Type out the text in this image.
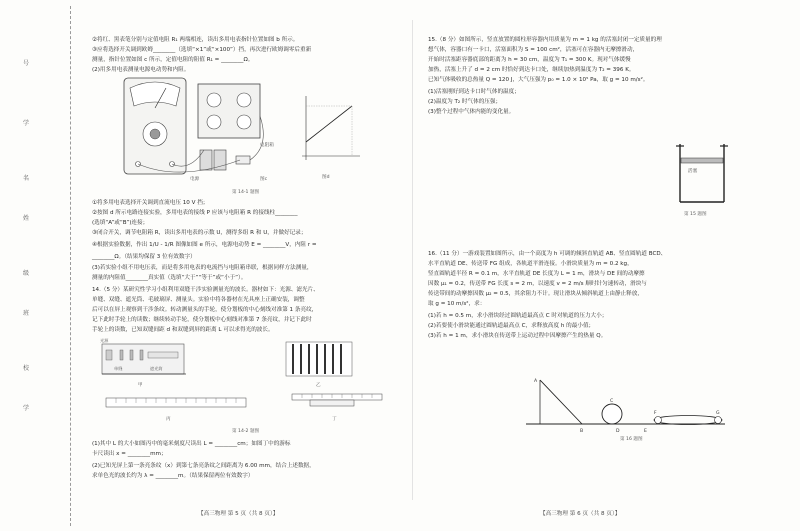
号
学
名
姓
级
班
校
学
②将红、黑表笔分别与定值电阻 R₁ 两端相连，读出多用电表指针位置如图 b 所示。
③应将选择开关调到欧姆________（选填“×1”或“×100”）挡，再次进行欧姆调零后重新
测量，指针位置如图 c 所示，定值电阻的阻值 R₁ = ________Ω。
(2)用多用电表测量电源电动势和内阻。
电源
电阻箱
图c	图d
第 14-1 题图
①将多用电表选择开关调到直流电压 10 V 挡；
②按图 d 所示电路连接实验，多用电表的接线 P 应该与电阻箱 R 的接线柱________
(选填“A”或“B”)连接；
③闭合开关，调节电阻箱 R，读出多用电表的示数 U，测得多组 R 和 U，并做好记录；
④根据实验数据，作出 1/U - 1/R 图像如图 e 所示，电源电动势 E = ________V，内阻 r =
________Ω。（结果均保留 3 位有效数字）
(3)若实验小组不用电压表，而是将多用电表的电流挡与电阻箱串联，根据同样方法测量，
测量的内阻值________真实值（选填“大于”“等于”或“小于”）。
14.（5 分）某研究性学习小组利用双缝干涉实验测量光的波长。器材如下：光源、滤光片、
单缝、双缝、遮光筒、毛玻璃屏、测量头。实验中将各器材在光具座上正确安装，调整
后可以在屏上观察到干涉条纹。转动测量头的手轮，使分划板的中心刻线对准第 1 条亮纹，
记下此时手轮上的读数；继续转动手轮，使分划板中心刻线对准第 7 条亮纹，并记下此时
手轮上的读数，已知双缝间距 d 和双缝到屏的距离 L 可以求得光的波长。
光源
单缝	遮光筒
甲	乙
丙	丁
第 14-2 题图
(1)其中 L 的大小如图丙中的毫米刻度尺读出 L = ________cm；如图丁中的游标
卡尺读出 x = ________mm；
(2)已知光屏上第一条亮条纹（x）到第七条亮条纹之间距离为 6.00 mm，结合上述数据，
求单色光的波长约为 λ = ________m。（结果保留两位有效数字）
【高三物理 第 5 页（共 8 页）】
15.（8 分）如图所示，竖直放置的圆柱形容器内用质量为 m = 1 kg 的活塞封闭一定质量的理
想气体，容器口有一卡口，活塞面积为 S = 100 cm²，活塞可在容器内无摩擦滑动，
开始时活塞距容器底部的距离为 h = 30 cm，温度为 T₁ = 300 K。现对气体缓慢
加热，活塞上升了 d = 2 cm 时恰好到达卡口处，继续加热到温度为 T₂ = 396 K。
已知气体吸收的总热量 Q = 120 J，大气压强为 p₀ = 1.0 × 10⁵ Pa，取 g = 10 m/s²。
(1)活塞刚好到达卡口时气体的温度；
(2)温度为 T₂ 时气体的压强；
(3)整个过程中气体内能的变化量。
活塞
第 15 题图
16.（11 分）一游戏装置如图所示，由一个高度为 h 可调的倾斜直轨道 AB、竖直圆轨道 BCD、
水平直轨道 DE、传送带 FG 组成，各轨道平滑连接。小滑块质量为 m = 0.2 kg，
竖直圆轨道半径 R = 0.1 m，水平直轨道 DE 长度为 L = 1 m，滑块与 DE 间的动摩擦
因数 μ₁ = 0.2，传送带 FG 长度 s = 2 m，以速度 v = 2 m/s 顺时针匀速转动，滑块与
传送带间的动摩擦因数 μ₂ = 0.5，其余阻力不计。现让滑块从倾斜轨道上由静止释放，
取 g = 10 m/s²，求：
(1)若 h = 0.5 m，求小滑块经过圆轨道最高点 C 时对轨道的压力大小；
(2)若要使小滑块能通过圆轨道最高点 C，求释放高度 h 的最小值；
(3)若 h = 1 m，求小滑块在传送带上运动过程中因摩擦产生的热量 Q。
A
B
C
D	E
F	G
第 16 题图
【高三物理 第 6 页（共 8 页）】
